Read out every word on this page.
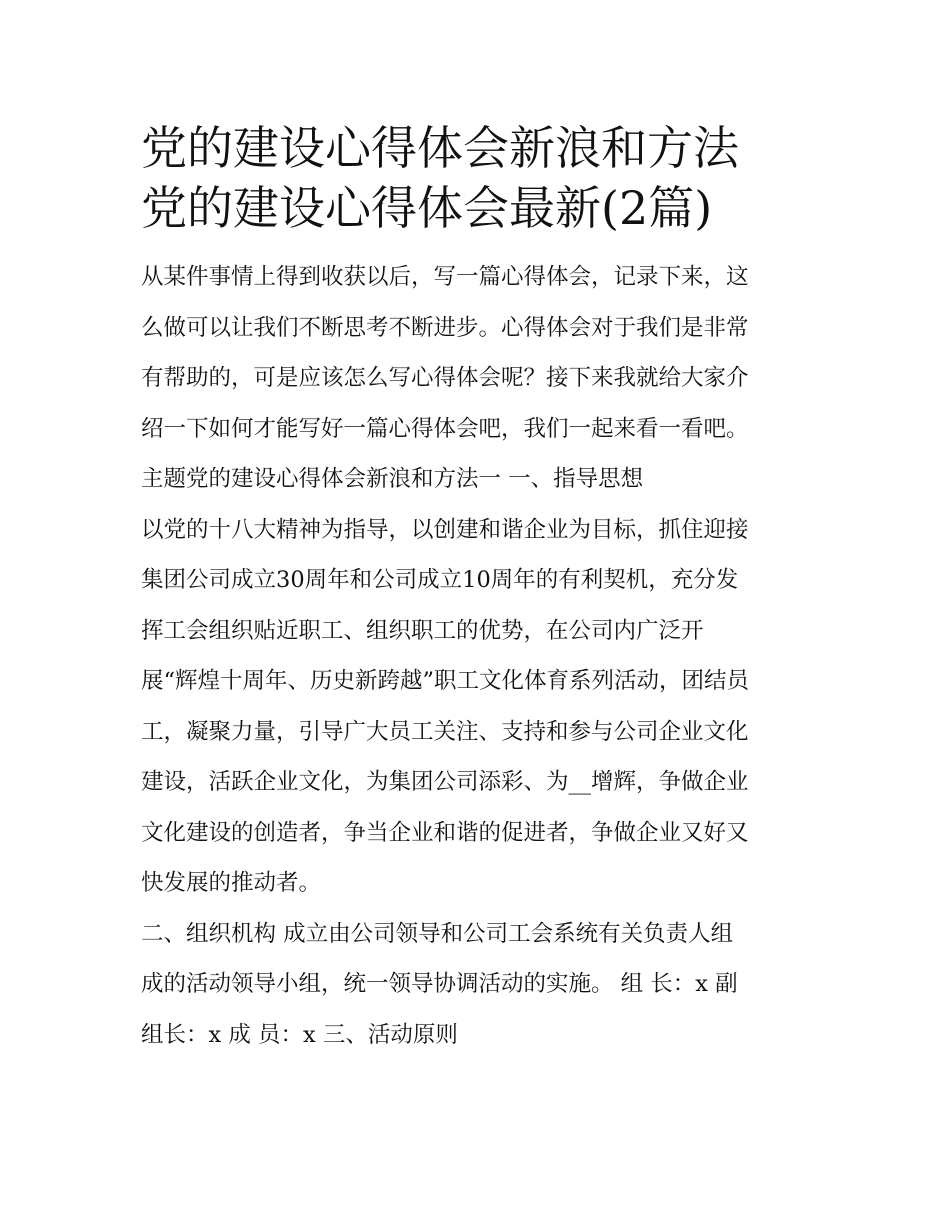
党的建设心得体会新浪和方法
党的建设心得体会最新(2篇)
从某件事情上得到收获以后，写一篇心得体会，记录下来，这
么做可以让我们不断思考不断进步。心得体会对于我们是非常
有帮助的，可是应该怎么写心得体会呢？接下来我就给大家介
绍一下如何才能写好一篇心得体会吧，我们一起来看一看吧。
主题党的建设心得体会新浪和方法一 一、指导思想
以党的十八大精神为指导，以创建和谐企业为目标，抓住迎接
集团公司成立30周年和公司成立10周年的有利契机，充分发
挥工会组织贴近职工、组织职工的优势，在公司内广泛开
展“辉煌十周年、历史新跨越”职工文化体育系列活动，团结员
工，凝聚力量，引导广大员工关注、支持和参与公司企业文化
建设，活跃企业文化，为集团公司添彩、为__增辉，争做企业
文化建设的创造者，争当企业和谐的促进者，争做企业又好又
快发展的推动者。
二、组织机构 成立由公司领导和公司工会系统有关负责人组
成的活动领导小组，统一领导协调活动的实施。 组 长：x 副
组长：x 成 员：x 三、活动原则
